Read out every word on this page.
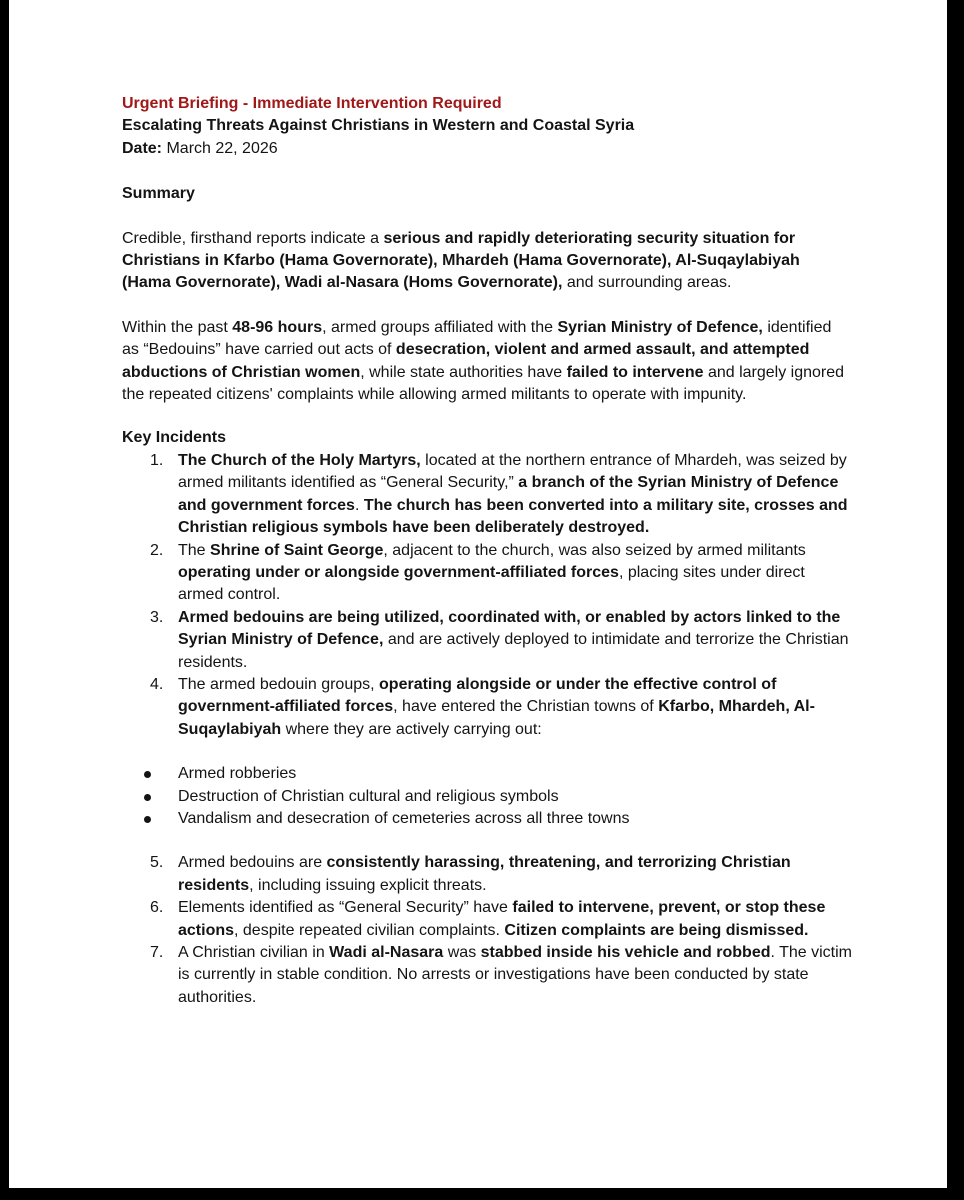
Urgent Briefing - Immediate Intervention Required

Escalating Threats Against Christians in Western and Coastal Syria

Date: March 22, 2026

Summary

Credible, firsthand reports indicate a serious and rapidly deteriorating security situation for Christians in Kfarbo (Hama Governorate), Mhardeh (Hama Governorate), Al-Suqaylabiyah (Hama Governorate), Wadi al-Nasara (Homs Governorate), and surrounding areas.

Within the past 48-96 hours, armed groups affiliated with the Syrian Ministry of Defence, identified as “Bedouins” have carried out acts of desecration, violent and armed assault, and attempted abductions of Christian women, while state authorities have failed to intervene and largely ignored the repeated citizens' complaints while allowing armed militants to operate with impunity.

Key Incidents

1. The Church of the Holy Martyrs, located at the northern entrance of Mhardeh, was seized by armed militants identified as “General Security,” a branch of the Syrian Ministry of Defence and government forces. The church has been converted into a military site, crosses and Christian religious symbols have been deliberately destroyed.
2. The Shrine of Saint George, adjacent to the church, was also seized by armed militants operating under or alongside government-affiliated forces, placing sites under direct armed control.
3. Armed bedouins are being utilized, coordinated with, or enabled by actors linked to the Syrian Ministry of Defence, and are actively deployed to intimidate and terrorize the Christian residents.
4. The armed bedouin groups, operating alongside or under the effective control of government-affiliated forces, have entered the Christian towns of Kfarbo, Mhardeh, Al-Suqaylabiyah where they are actively carrying out:
Armed robberies
Destruction of Christian cultural and religious symbols
Vandalism and desecration of cemeteries across all three towns
5. Armed bedouins are consistently harassing, threatening, and terrorizing Christian residents, including issuing explicit threats.
6. Elements identified as “General Security” have failed to intervene, prevent, or stop these actions, despite repeated civilian complaints. Citizen complaints are being dismissed.
7. A Christian civilian in Wadi al-Nasara was stabbed inside his vehicle and robbed. The victim is currently in stable condition. No arrests or investigations have been conducted by state authorities.
